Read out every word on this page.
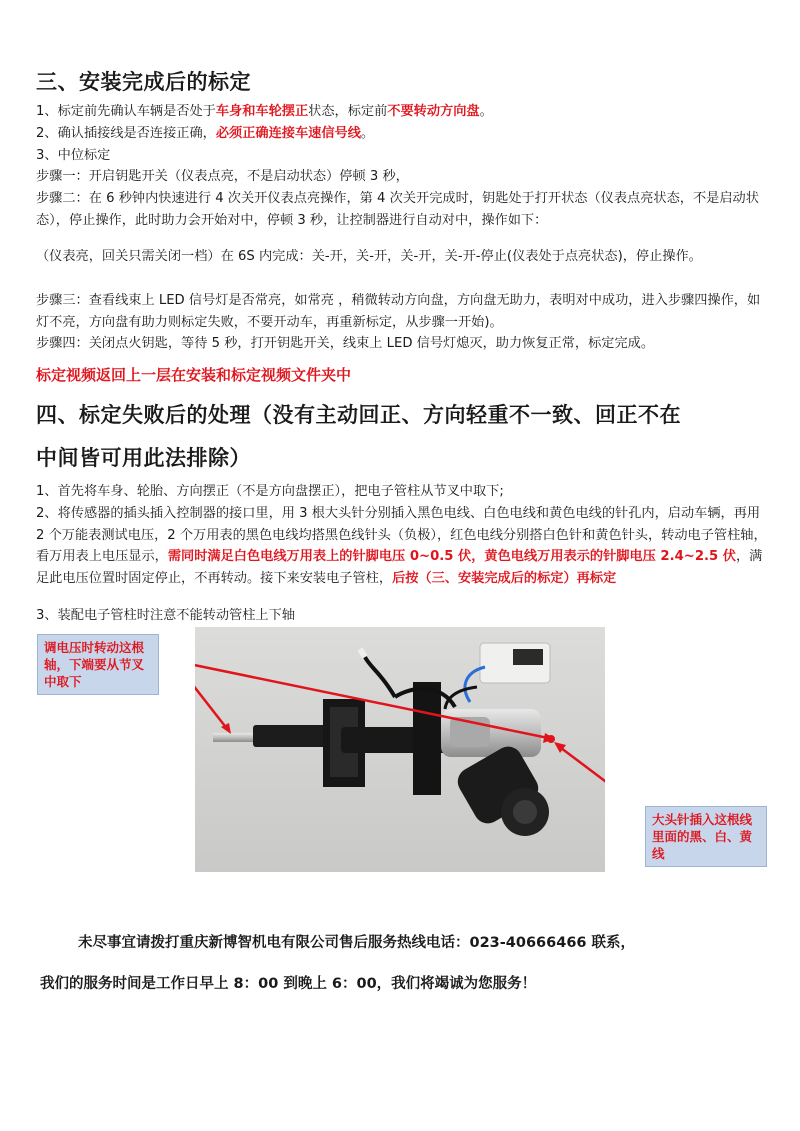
三、安装完成后的标定
1、标定前先确认车辆是否处于车身和车轮摆正状态，标定前不要转动方向盘。
2、确认插接线是否连接正确，必须正确连接车速信号线。
3、中位标定
步骤一：开启钥匙开关（仪表点亮，不是启动状态）停顿 3 秒，
步骤二：在 6 秒钟内快速进行 4 次关开仪表点亮操作，第 4 次关开完成时，钥匙处于打开状态（仪表点亮状态，不是启动状态），停止操作，此时助力会开始对中，停顿 3 秒，让控制器进行自动对中，操作如下：
（仪表亮，回关只需关闭一档）在 6S 内完成：关-开，关-开，关-开，关-开-停止(仪表处于点亮状态)，停止操作。
步骤三：查看线束上 LED 信号灯是否常亮，如常亮 ，稍微转动方向盘，方向盘无助力，表明对中成功，进入步骤四操作，如灯不亮，方向盘有助力则标定失败，不要开动车，再重新标定，从步骤一开始)。
步骤四：关闭点火钥匙，等待 5 秒，打开钥匙开关，线束上 LED 信号灯熄灭，助力恢复正常，标定完成。
标定视频返回上一层在安装和标定视频文件夹中
四、标定失败后的处理（没有主动回正、方向轻重不一致、回正不在
中间皆可用此法排除）
1、首先将车身、轮胎、方向摆正（不是方向盘摆正），把电子管柱从节叉中取下;
2、将传感器的插头插入控制器的接口里，用 3 根大头针分别插入黑色电线、白色电线和黄色电线的针孔内，启动车辆，再用 2 个万能表测试电压，2 个万用表的黑色电线均搭黑色线针头（负极），红色电线分别搭白色针和黄色针头，转动电子管柱轴，看万用表上电压显示，需同时满足白色电线万用表上的针脚电压 0~0.5 伏，黄色电线万用表示的针脚电压 2.4~2.5 伏，满足此电压位置时固定停止，不再转动。接下来安装电子管柱，后按（三、安装完成后的标定）再标定
3、装配电子管柱时注意不能转动管柱上下轴
调电压时转动这根轴，下端要从节叉中取下
大头针插入这根线里面的黑、白、黄线
未尽事宜请拨打重庆新博智机电有限公司售后服务热线电话：023-40666466 联系，
我们的服务时间是工作日早上 8：00 到晚上 6：00，我们将竭诚为您服务！
